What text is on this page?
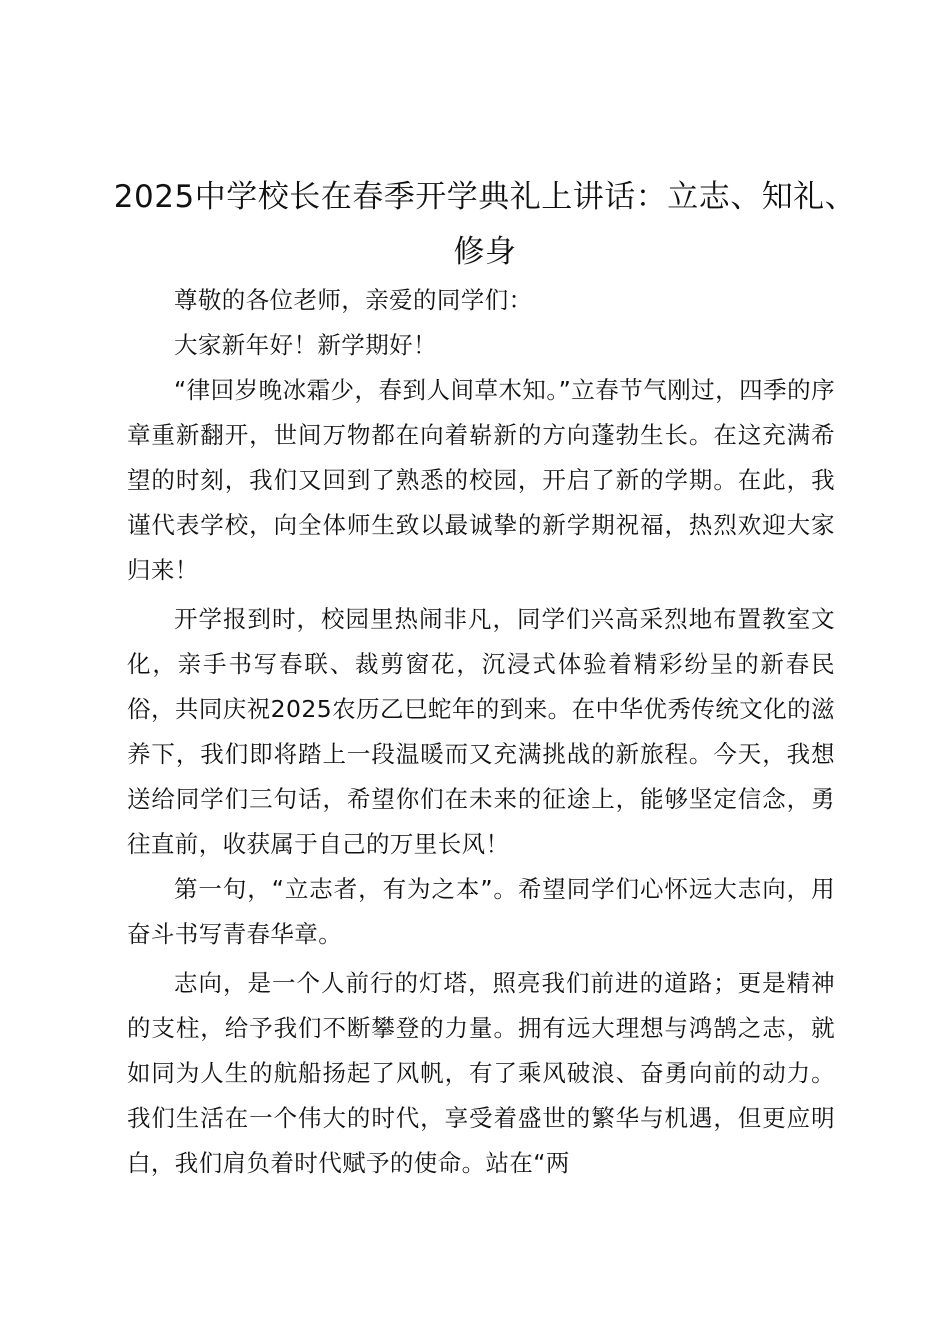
2025中学校长在春季开学典礼上讲话：立志、知礼、修身

尊敬的各位老师，亲爱的同学们：

大家新年好！新学期好！

“律回岁晚冰霜少，春到人间草木知。”立春节气刚过，四季的序章重新翻开，世间万物都在向着崭新的方向蓬勃生长。在这充满希望的时刻，我们又回到了熟悉的校园，开启了新的学期。在此，我谨代表学校，向全体师生致以最诚挚的新学期祝福，热烈欢迎大家归来！

开学报到时，校园里热闹非凡，同学们兴高采烈地布置教室文化，亲手书写春联、裁剪窗花，沉浸式体验着精彩纷呈的新春民俗，共同庆祝2025农历乙巳蛇年的到来。在中华优秀传统文化的滋养下，我们即将踏上一段温暖而又充满挑战的新旅程。今天，我想送给同学们三句话，希望你们在未来的征途上，能够坚定信念，勇往直前，收获属于自己的万里长风！

第一句，“立志者，有为之本”。希望同学们心怀远大志向，用奋斗书写青春华章。

志向，是一个人前行的灯塔，照亮我们前进的道路；更是精神的支柱，给予我们不断攀登的力量。拥有远大理想与鸿鹄之志，就如同为人生的航船扬起了风帆，有了乘风破浪、奋勇向前的动力。我们生活在一个伟大的时代，享受着盛世的繁华与机遇，但更应明白，我们肩负着时代赋予的使命。站在“两
